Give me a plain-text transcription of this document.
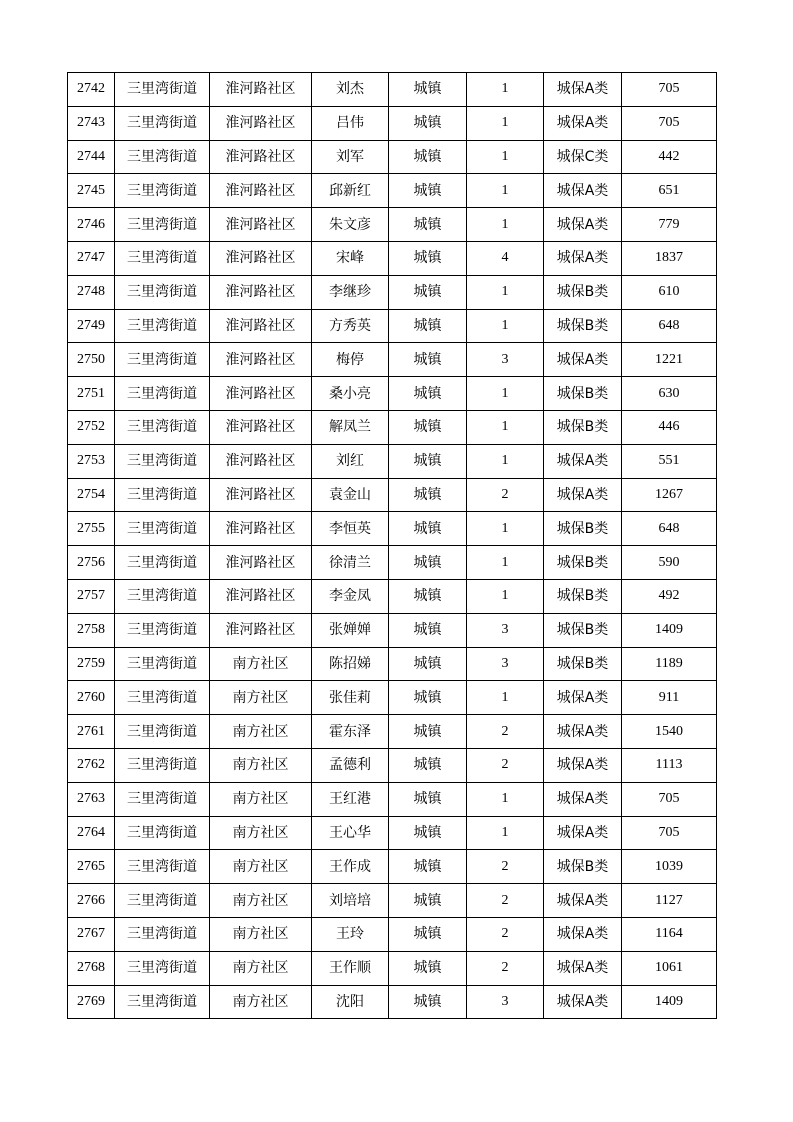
2742	三里湾街道	淮河路社区	刘杰	城镇	1	城保A类	705
2743	三里湾街道	淮河路社区	吕伟	城镇	1	城保A类	705
2744	三里湾街道	淮河路社区	刘军	城镇	1	城保C类	442
2745	三里湾街道	淮河路社区	邱新红	城镇	1	城保A类	651
2746	三里湾街道	淮河路社区	朱文彦	城镇	1	城保A类	779
2747	三里湾街道	淮河路社区	宋峰	城镇	4	城保A类	1837
2748	三里湾街道	淮河路社区	李继珍	城镇	1	城保B类	610
2749	三里湾街道	淮河路社区	方秀英	城镇	1	城保B类	648
2750	三里湾街道	淮河路社区	梅停	城镇	3	城保A类	1221
2751	三里湾街道	淮河路社区	桑小亮	城镇	1	城保B类	630
2752	三里湾街道	淮河路社区	解凤兰	城镇	1	城保B类	446
2753	三里湾街道	淮河路社区	刘红	城镇	1	城保A类	551
2754	三里湾街道	淮河路社区	袁金山	城镇	2	城保A类	1267
2755	三里湾街道	淮河路社区	李恒英	城镇	1	城保B类	648
2756	三里湾街道	淮河路社区	徐清兰	城镇	1	城保B类	590
2757	三里湾街道	淮河路社区	李金凤	城镇	1	城保B类	492
2758	三里湾街道	淮河路社区	张婵婵	城镇	3	城保B类	1409
2759	三里湾街道	南方社区	陈招娣	城镇	3	城保B类	1189
2760	三里湾街道	南方社区	张佳莉	城镇	1	城保A类	911
2761	三里湾街道	南方社区	霍东泽	城镇	2	城保A类	1540
2762	三里湾街道	南方社区	孟德利	城镇	2	城保A类	1113
2763	三里湾街道	南方社区	王红港	城镇	1	城保A类	705
2764	三里湾街道	南方社区	王心华	城镇	1	城保A类	705
2765	三里湾街道	南方社区	王作成	城镇	2	城保B类	1039
2766	三里湾街道	南方社区	刘培培	城镇	2	城保A类	1127
2767	三里湾街道	南方社区	王玲	城镇	2	城保A类	1164
2768	三里湾街道	南方社区	王作顺	城镇	2	城保A类	1061
2769	三里湾街道	南方社区	沈阳	城镇	3	城保A类	1409
